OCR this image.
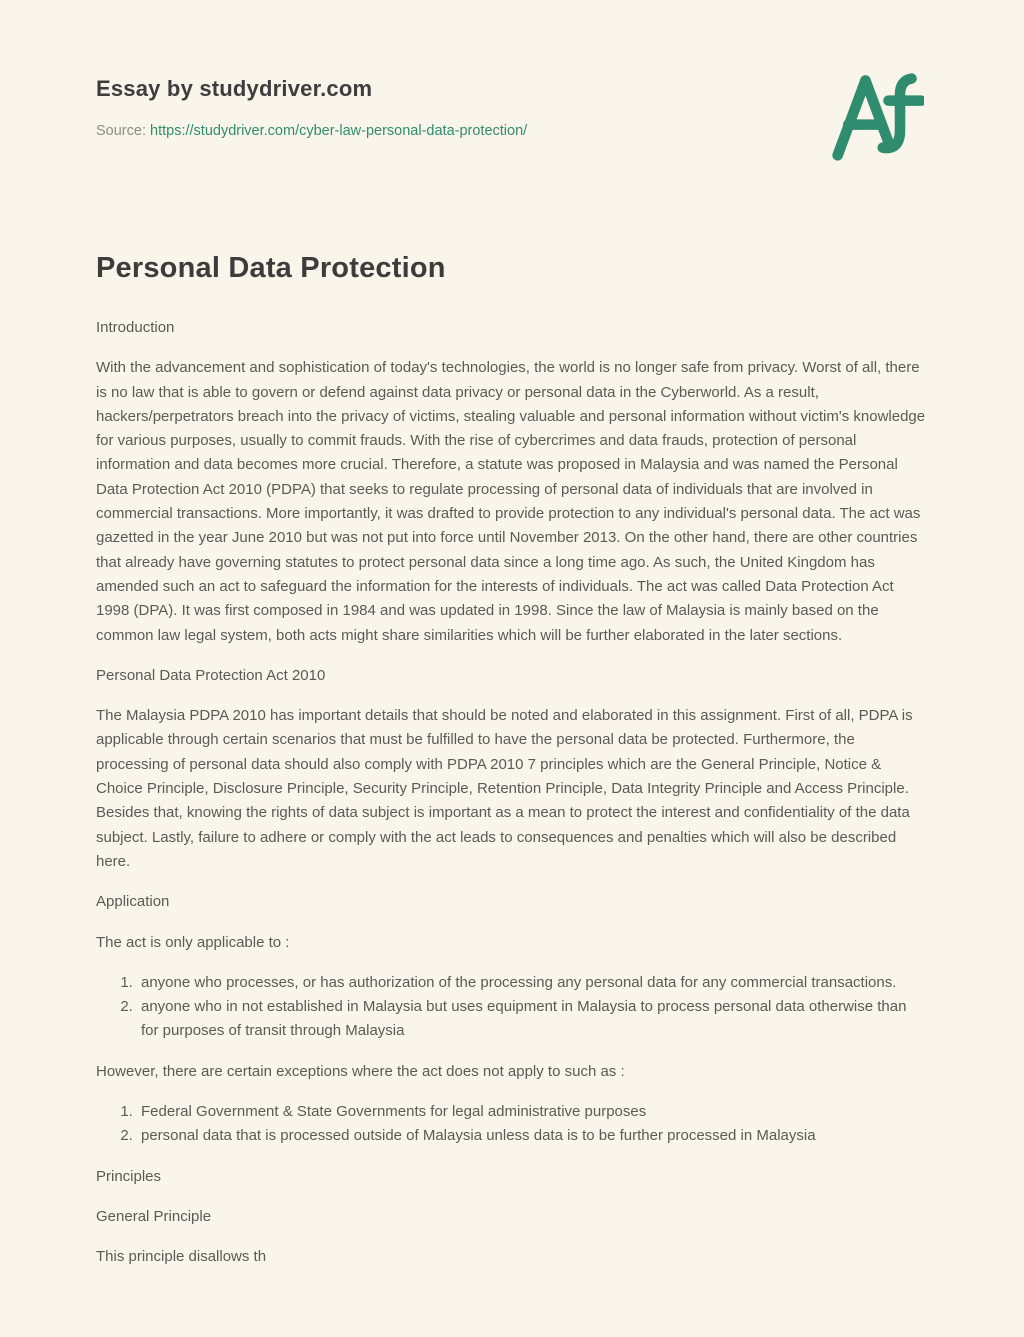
Essay by studydriver.com
Source: https://studydriver.com/cyber-law-personal-data-protection/
Personal Data Protection

Introduction

With the advancement and sophistication of today's technologies, the world is no longer safe from privacy. Worst of all, there is no law that is able to govern or defend against data privacy or personal data in the Cyberworld. As a result, hackers/perpetrators breach into the privacy of victims, stealing valuable and personal information without victim's knowledge for various purposes, usually to commit frauds. With the rise of cybercrimes and data frauds, protection of personal information and data becomes more crucial. Therefore, a statute was proposed in Malaysia and was named the Personal Data Protection Act 2010 (PDPA) that seeks to regulate processing of personal data of individuals that are involved in commercial transactions. More importantly, it was drafted to provide protection to any individual's personal data. The act was gazetted in the year June 2010 but was not put into force until November 2013. On the other hand, there are other countries that already have governing statutes to protect personal data since a long time ago. As such, the United Kingdom has amended such an act to safeguard the information for the interests of individuals. The act was called Data Protection Act 1998 (DPA). It was first composed in 1984 and was updated in 1998. Since the law of Malaysia is mainly based on the common law legal system, both acts might share similarities which will be further elaborated in the later sections.

Personal Data Protection Act 2010

The Malaysia PDPA 2010 has important details that should be noted and elaborated in this assignment. First of all, PDPA is applicable through certain scenarios that must be fulfilled to have the personal data be protected. Furthermore, the processing of personal data should also comply with PDPA 2010 7 principles which are the General Principle, Notice & Choice Principle, Disclosure Principle, Security Principle, Retention Principle, Data Integrity Principle and Access Principle. Besides that, knowing the rights of data subject is important as a mean to protect the interest and confidentiality of the data subject. Lastly, failure to adhere or comply with the act leads to consequences and penalties which will also be described here.

Application

The act is only applicable to :

1. anyone who processes, or has authorization of the processing any personal data for any commercial transactions.
2. anyone who in not established in Malaysia but uses equipment in Malaysia to process personal data otherwise than for purposes of transit through Malaysia

However, there are certain exceptions where the act does not apply to such as :

1. Federal Government & State Governments for legal administrative purposes
2. personal data that is processed outside of Malaysia unless data is to be further processed in Malaysia

Principles

General Principle

This principle disallows th
